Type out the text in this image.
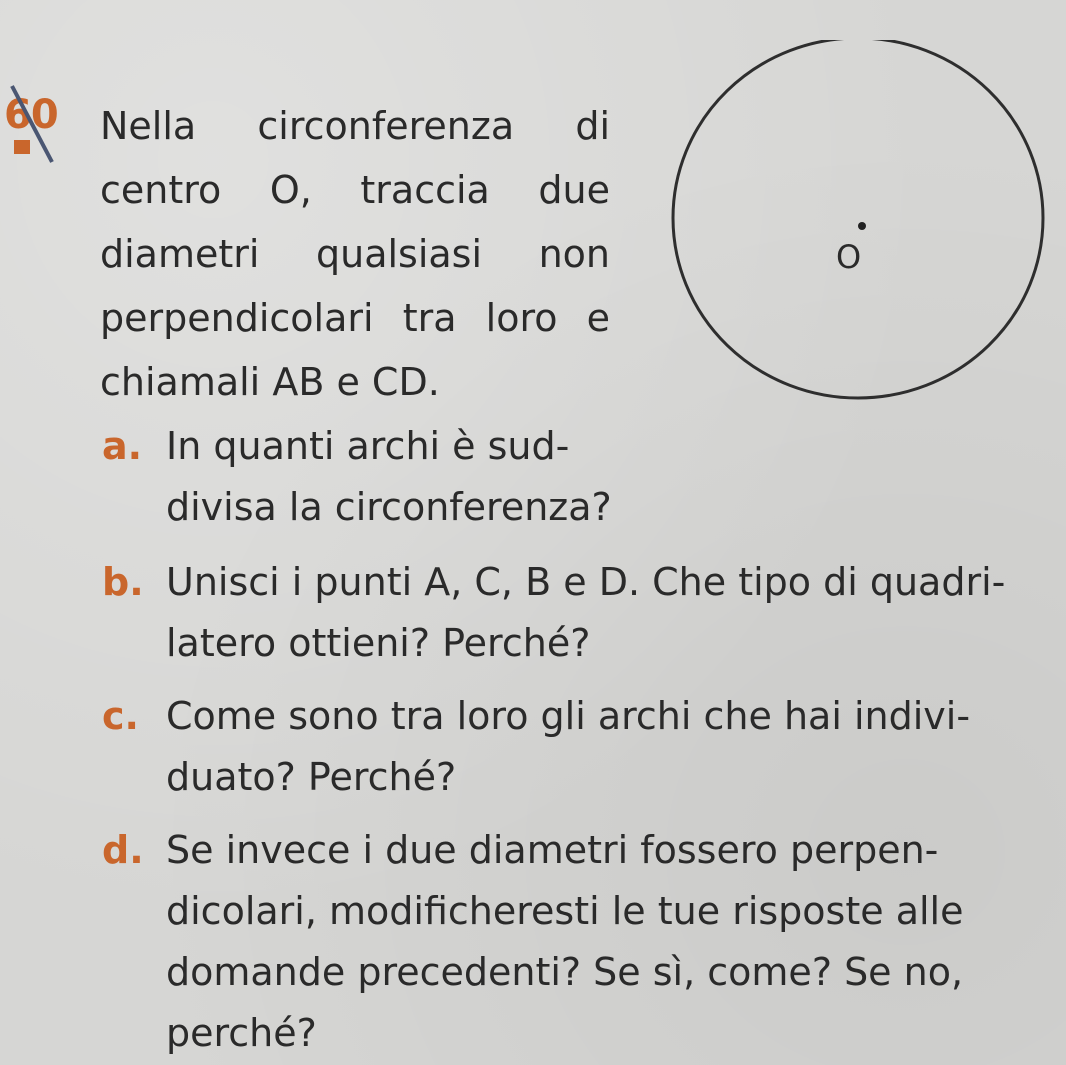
60 Nella circonferenza di
centro O, traccia due
diametri qualsiasi non
perpendicolari tra loro e
chiamali AB e CD.
O
a. In quanti archi è sud-
divisa la circonferenza?
b. Unisci i punti A, C, B e D. Che tipo di quadri-
latero ottieni? Perché?
c. Come sono tra loro gli archi che hai indivi-
duato? Perché?
d. Se invece i due diametri fossero perpen-
dicolari, modificheresti le tue risposte alle
domande precedenti? Se sì, come? Se no,
perché?
